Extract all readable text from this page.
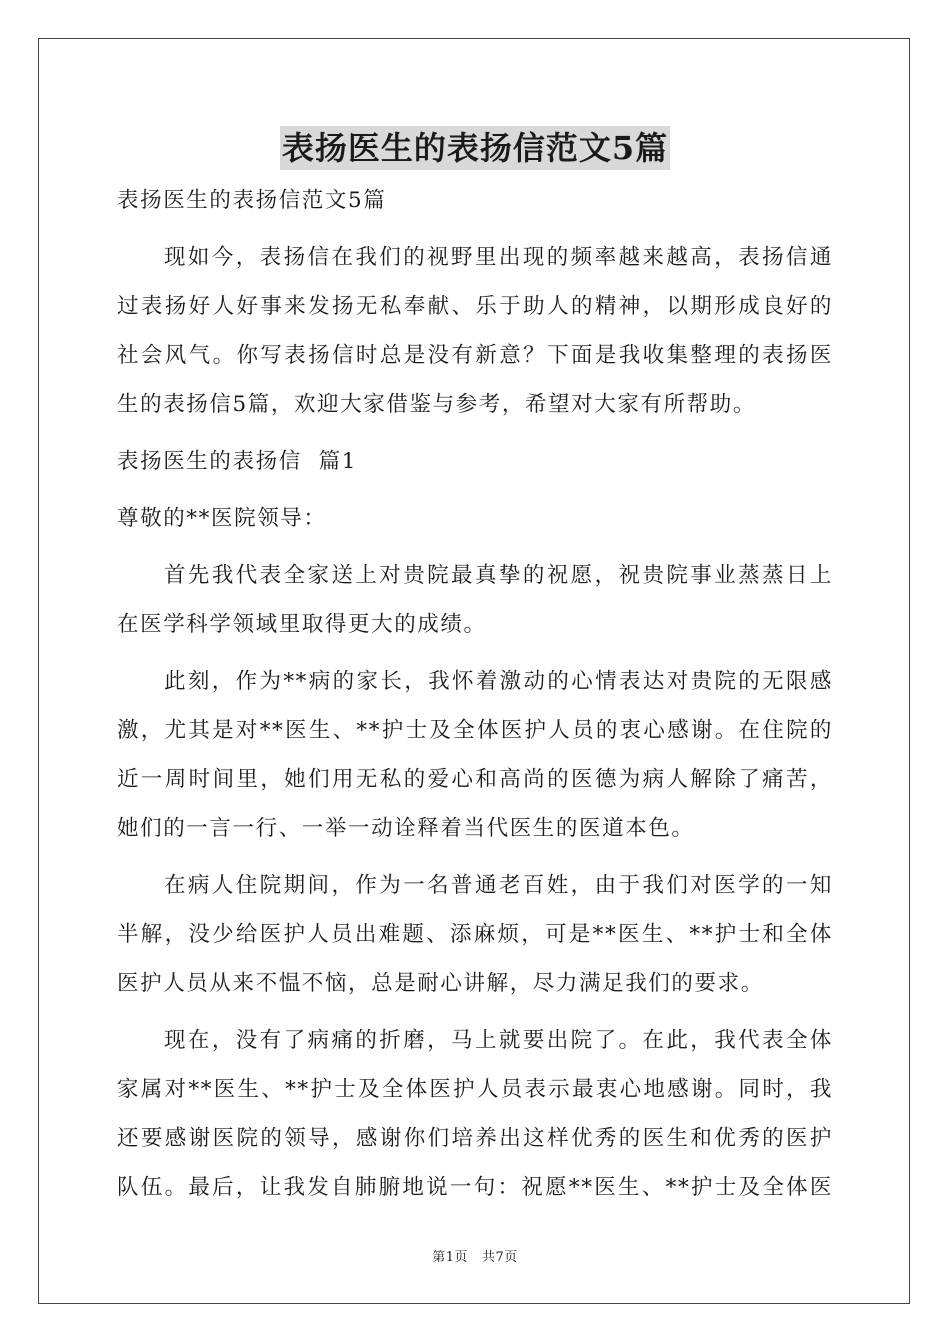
表扬医生的表扬信范文5篇
表扬医生的表扬信范文5篇
现如今，表扬信在我们的视野里出现的频率越来越高，表扬信通
过表扬好人好事来发扬无私奉献、乐于助人的精神，以期形成良好的
社会风气。你写表扬信时总是没有新意？下面是我收集整理的表扬医
生的表扬信5篇，欢迎大家借鉴与参考，希望对大家有所帮助。
表扬医生的表扬信  篇1
尊敬的**医院领导：
首先我代表全家送上对贵院最真挚的祝愿，祝贵院事业蒸蒸日上
在医学科学领域里取得更大的成绩。
此刻，作为**病的家长，我怀着激动的心情表达对贵院的无限感
激，尤其是对**医生、**护士及全体医护人员的衷心感谢。在住院的
近一周时间里，她们用无私的爱心和高尚的医德为病人解除了痛苦，
她们的一言一行、一举一动诠释着当代医生的医道本色。
在病人住院期间，作为一名普通老百姓，由于我们对医学的一知
半解，没少给医护人员出难题、添麻烦，可是**医生、**护士和全体
医护人员从来不愠不恼，总是耐心讲解，尽力满足我们的要求。
现在，没有了病痛的折磨，马上就要出院了。在此，我代表全体
家属对**医生、**护士及全体医护人员表示最衷心地感谢。同时，我
还要感谢医院的领导，感谢你们培养出这样优秀的医生和优秀的医护
队伍。最后，让我发自肺腑地说一句：祝愿**医生、**护士及全体医
第1页 共7页
